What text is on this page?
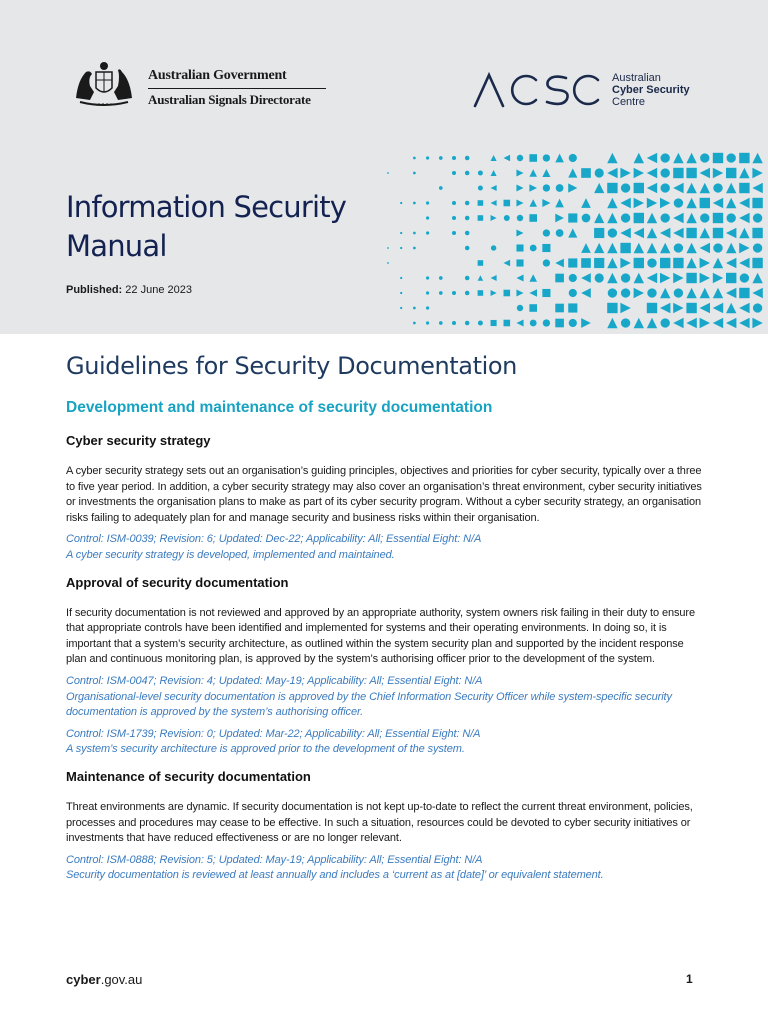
Australian Government
Australian Signals Directorate
Australian
Cyber Security
Centre
Information Security
Manual
Published: 22 June 2023
Guidelines for Security Documentation
Development and maintenance of security documentation
Cyber security strategy

A cyber security strategy sets out an organisation’s guiding principles, objectives and priorities for cyber security, typically over a three to five year period. In addition, a cyber security strategy may also cover an organisation’s threat environment, cyber security initiatives or investments the organisation plans to make as part of its cyber security program. Without a cyber security strategy, an organisation risks failing to adequately plan for and manage security and business risks within their organisation.

Control: ISM-0039; Revision: 6; Updated: Dec-22; Applicability: All; Essential Eight: N/A
A cyber security strategy is developed, implemented and maintained.
Approval of security documentation

If security documentation is not reviewed and approved by an appropriate authority, system owners risk failing in their duty to ensure that appropriate controls have been identified and implemented for systems and their operating environments. In doing so, it is important that a system’s security architecture, as outlined within the system security plan and supported by the incident response plan and continuous monitoring plan, is approved by the system’s authorising officer prior to the development of the system.

Control: ISM-0047; Revision: 4; Updated: May-19; Applicability: All; Essential Eight: N/A
Organisational-level security documentation is approved by the Chief Information Security Officer while system-specific security documentation is approved by the system’s authorising officer.
Control: ISM-1739; Revision: 0; Updated: Mar-22; Applicability: All; Essential Eight: N/A
A system’s security architecture is approved prior to the development of the system.
Maintenance of security documentation

Threat environments are dynamic. If security documentation is not kept up-to-date to reflect the current threat environment, policies, processes and procedures may cease to be effective. In such a situation, resources could be devoted to cyber security initiatives or investments that have reduced effectiveness or are no longer relevant.

Control: ISM-0888; Revision: 5; Updated: May-19; Applicability: All; Essential Eight: N/A
Security documentation is reviewed at least annually and includes a ‘current as at [date]’ or equivalent statement.
cyber.gov.au	1
